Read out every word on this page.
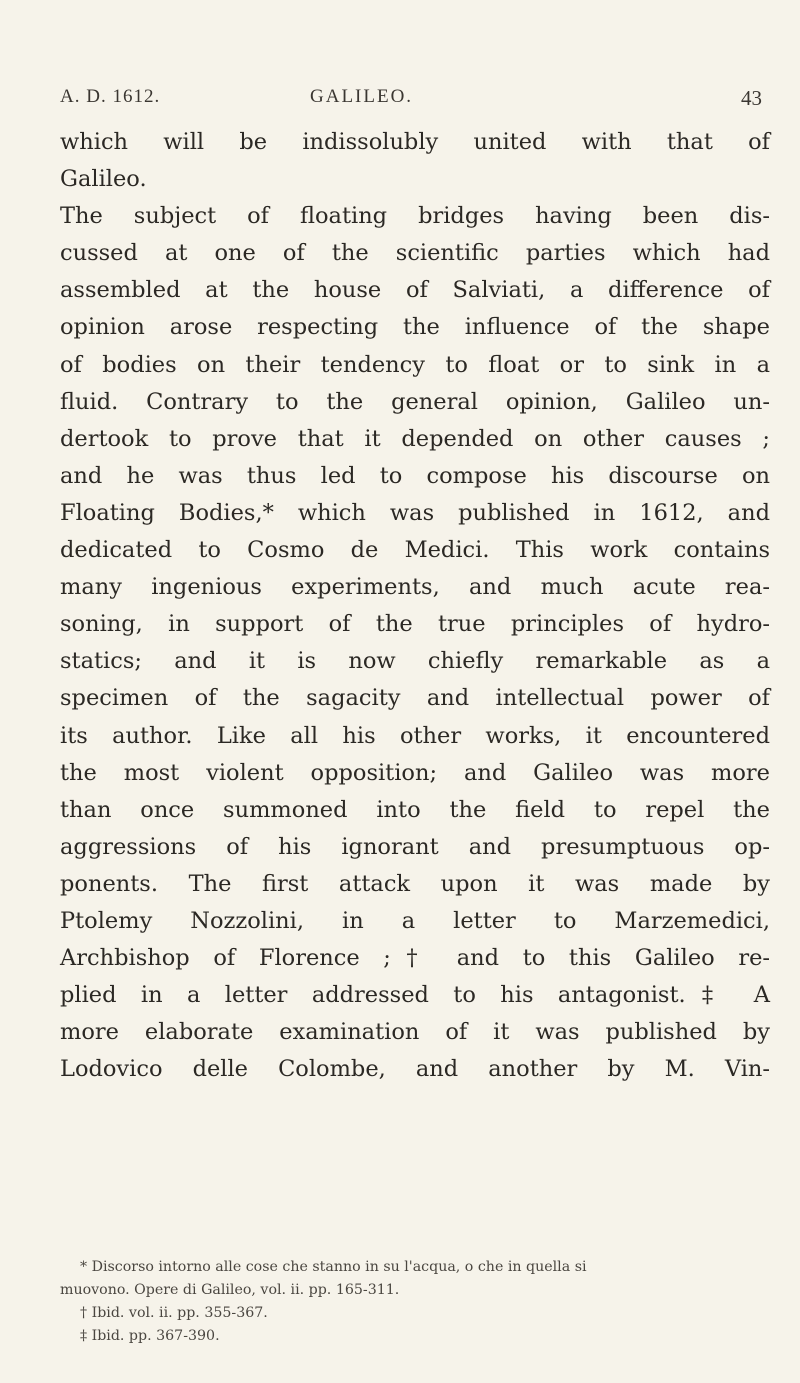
A. D. 1612.	GALILEO.	43
which will be indissolubly united with that of
Galileo.
The subject of floating bridges having been dis-
cussed at one of the scientific parties which had
assembled at the house of Salviati, a difference of
opinion arose respecting the influence of the shape
of bodies on their tendency to float or to sink in a
fluid. Contrary to the general opinion, Galileo un-
dertook to prove that it depended on other causes ;
and he was thus led to compose his discourse on
Floating Bodies,* which was published in 1612, and
dedicated to Cosmo de Medici. This work contains
many ingenious experiments, and much acute rea-
soning, in support of the true principles of hydro-
statics; and it is now chiefly remarkable as a
specimen of the sagacity and intellectual power of
its author. Like all his other works, it encountered
the most violent opposition; and Galileo was more
than once summoned into the field to repel the
aggressions of his ignorant and presumptuous op-
ponents. The first attack upon it was made by
Ptolemy Nozzolini, in a letter to Marzemedici,
Archbishop of Florence ;† and to this Galileo re-
plied in a letter addressed to his antagonist.‡ A
more elaborate examination of it was published by
Lodovico delle Colombe, and another by M. Vin-
* Discorso intorno alle cose che stanno in su l'acqua, o che in quella si
muovono. Opere di Galileo, vol. ii. pp. 165-311.
† Ibid. vol. ii. pp. 355-367.
‡ Ibid. pp. 367-390.
